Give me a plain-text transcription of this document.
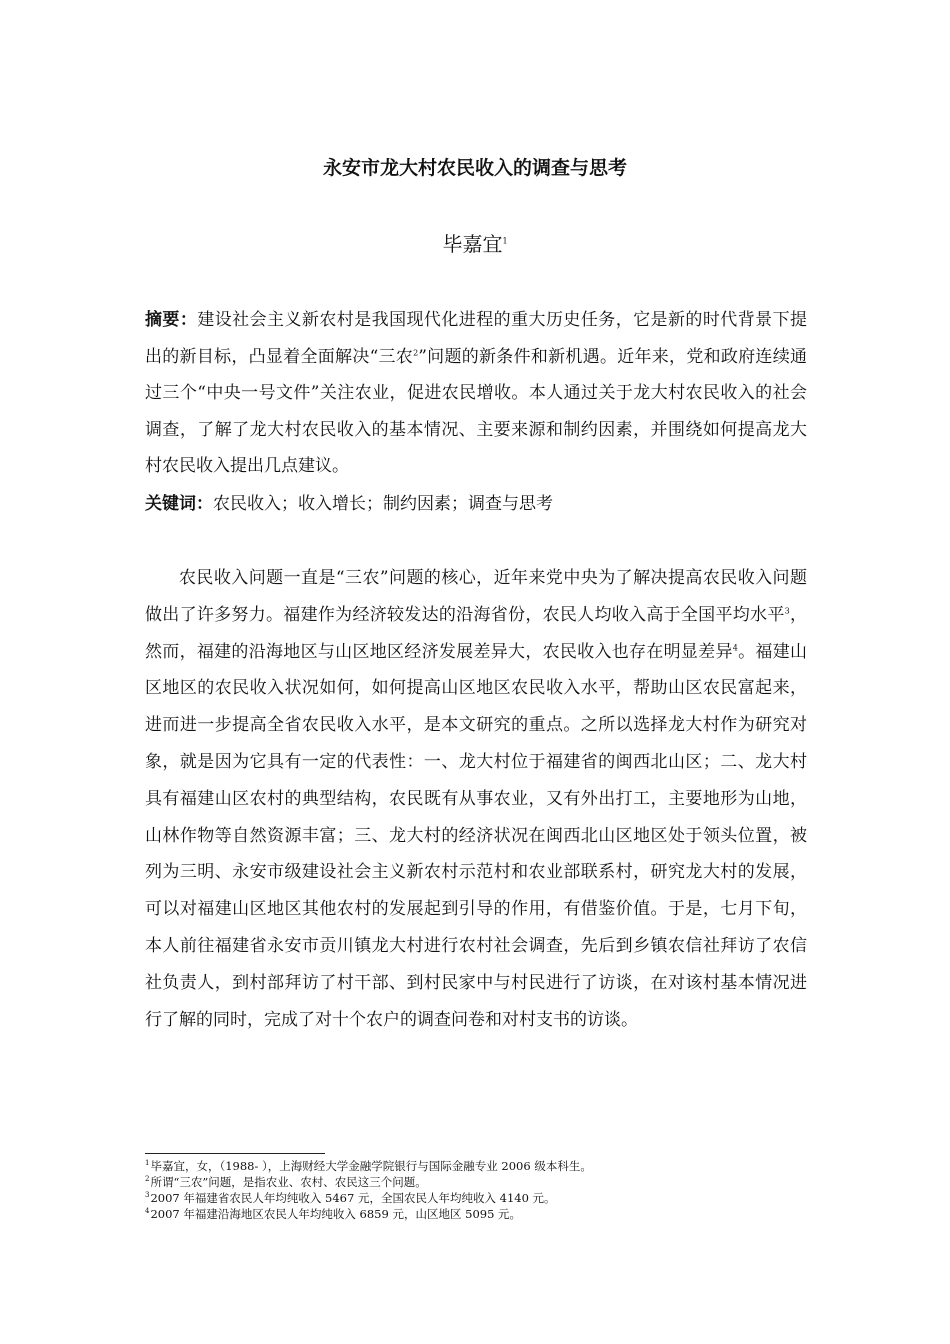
永安市龙大村农民收入的调查与思考
毕嘉宜$^1$
摘要：建设社会主义新农村是我国现代化进程的重大历史任务，它是新的时代背景下提出的新目标，凸显着全面解决“三农$^2$”问题的新条件和新机遇。近年来，党和政府连续通过三个“中央一号文件”关注农业，促进农民增收。本人通过关于龙大村农民收入的社会调查，了解了龙大村农民收入的基本情况、主要来源和制约因素，并围绕如何提高龙大村农民收入提出几点建议。
关键词：农民收入；收入增长；制约因素；调查与思考
农民收入问题一直是“三农”问题的核心，近年来党中央为了解决提高农民收入问题做出了许多努力。福建作为经济较发达的沿海省份，农民人均收入高于全国平均水平$^3$，然而，福建的沿海地区与山区地区经济发展差异大，农民收入也存在明显差异$^4$。福建山区地区的农民收入状况如何，如何提高山区地区农民收入水平，帮助山区农民富起来，进而进一步提高全省农民收入水平，是本文研究的重点。之所以选择龙大村作为研究对象，就是因为它具有一定的代表性：一、龙大村位于福建省的闽西北山区；二、龙大村具有福建山区农村的典型结构，农民既有从事农业，又有外出打工，主要地形为山地，山林作物等自然资源丰富；三、龙大村的经济状况在闽西北山区地区处于领头位置，被列为三明、永安市级建设社会主义新农村示范村和农业部联系村，研究龙大村的发展，可以对福建山区地区其他农村的发展起到引导的作用，有借鉴价值。于是，七月下旬，本人前往福建省永安市贡川镇龙大村进行农村社会调查，先后到乡镇农信社拜访了农信社负责人，到村部拜访了村干部、到村民家中与村民进行了访谈，在对该村基本情况进行了解的同时，完成了对十个农户的调查问卷和对村支书的访谈。
$^1$毕嘉宜，女，（1988- ），上海财经大学金融学院银行与国际金融专业 2006 级本科生。
$^2$所谓“三农”问题，是指农业、农村、农民这三个问题。
$^3$2007 年福建省农民人年均纯收入 5467 元，全国农民人年均纯收入 4140 元。
$^4$2007 年福建沿海地区农民人年均纯收入 6859 元，山区地区 5095 元。
